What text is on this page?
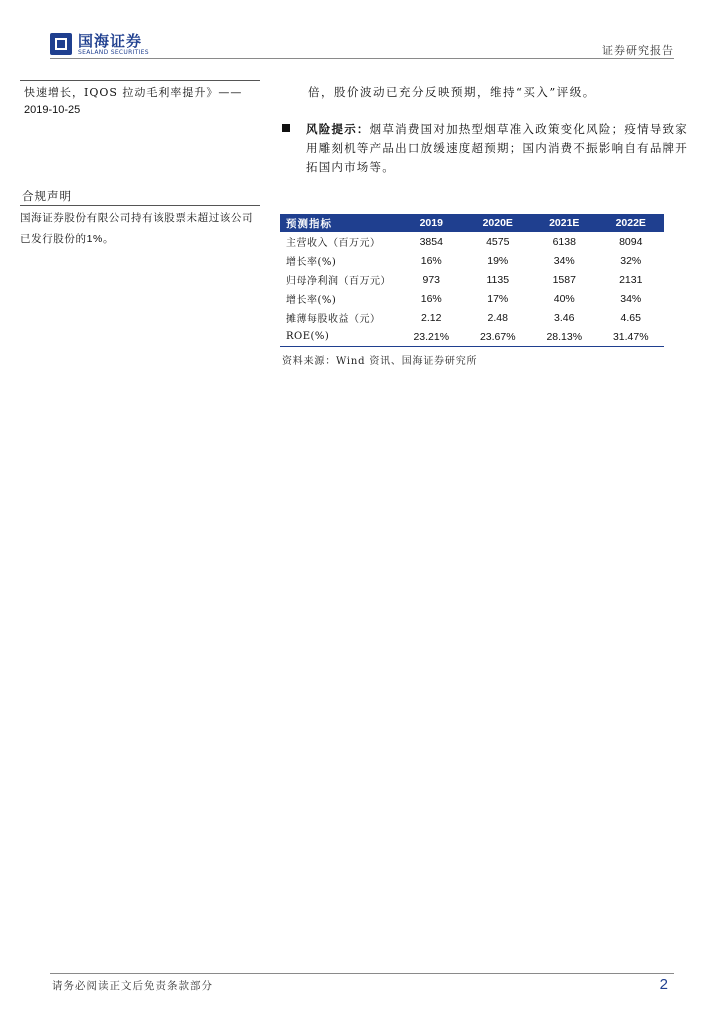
国海证券
SEALAND SECURITIES	证券研究报告
快速增长，IQOS 拉动毛利率提升》——
2019-10-25
合规声明
国海证券股份有限公司持有该股票未超过该公司已发行股份的1%。
倍，股价波动已充分反映预期，维持“买入”评级。
风险提示：烟草消费国对加热型烟草准入政策变化风险；疫情导致家用雕刻机等产品出口放缓速度超预期；国内消费不振影响自有品牌开拓国内市场等。
预测指标	2019	2020E	2021E	2022E
主营收入（百万元）	3854	4575	6138	8094
增长率(%)	16%	19%	34%	32%
归母净利润（百万元）	973	1135	1587	2131
增长率(%)	16%	17%	40%	34%
摊薄每股收益（元）	2.12	2.48	3.46	4.65
ROE(%)	23.21%	23.67%	28.13%	31.47%
资料来源：Wind 资讯、国海证券研究所
请务必阅读正文后免责条款部分	2
